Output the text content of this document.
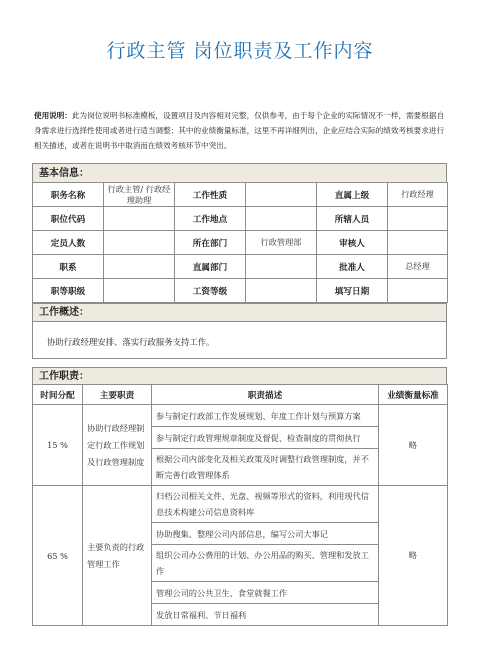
行政主管 岗位职责及工作内容
使用说明：此为岗位说明书标准模板，设置项目及内容相对完整，仅供参考，由于每个企业的实际情况不一样，需要根据自身需求进行选择性使用或者进行适当调整；其中的业绩衡量标准，这里不再详细列出，企业应结合实际的绩效考核要求进行相关描述，或者在说明书中取消而在绩效考核环节中突出。
基本信息：
职务名称	行政主管/ 行政经理助理	工作性质		直属上级	行政经理
职位代码		工作地点		所辖人员	
定员人数		所在部门	行政管理部	审核人	
职系		直属部门		批准人	总经理
职等职级		工资等级		填写日期	
工作概述：
协助行政经理安排、落实行政服务支持工作。
工作职责：
时间分配	主要职责	职责描述	业绩衡量标准
15 %	协助行政经理制定行政工作规划及行政管理制度	参与制定行政部工作发展规划、年度工作计划与预算方案	略
		参与制定行政管理规章制度及督促、检查制度的贯彻执行	
		根据公司内部变化及相关政策及时调整行政管理制度，并不 断完善行政管理体系	
65 %	主要负责的行政管理工作	归档公司相关文件、光盘、视频等形式的资料，利用现代信 息技术构建公司信息资料库	略
		协助搜集、整理公司内部信息，编写公司大事记	
		组织公司办公费用的计划、办公用品的购买、管理和发放工 作	
		管理公司的公共卫生、食堂就餐工作	
		发放日常福利、节日福利	
